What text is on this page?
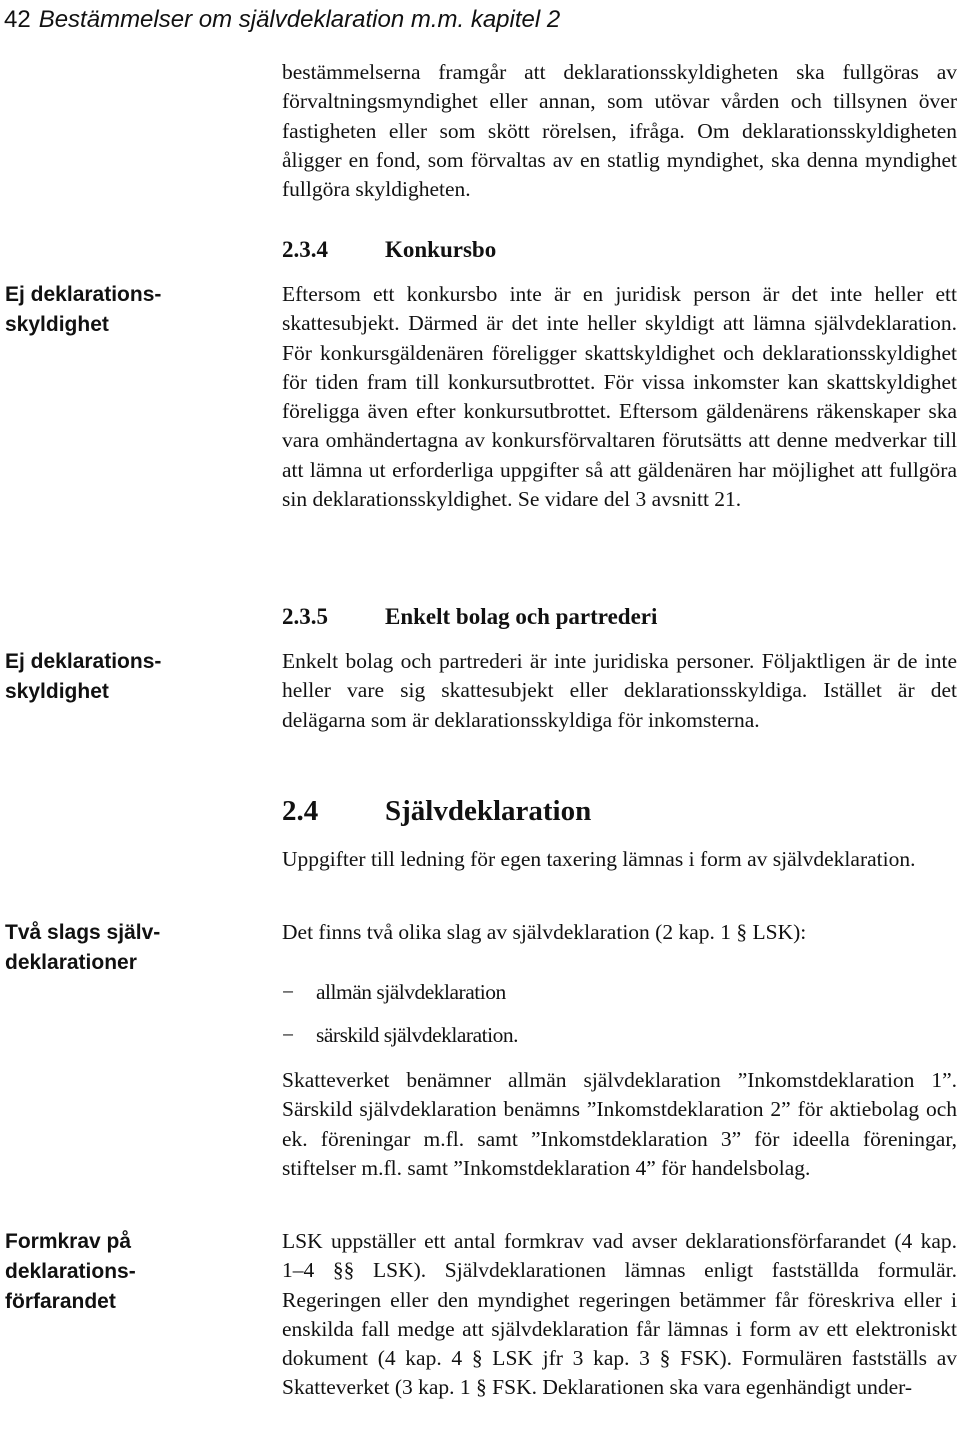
42 Bestämmelser om självdeklaration m.m. kapitel 2
Ej deklarations-
skyldighet
Ej deklarations-
skyldighet
Två slags själv-
deklarationer
Formkrav på
deklarations-
förfarandet

bestämmelserna framgår att deklarationsskyldigheten ska fullgöras av förvaltningsmyndighet eller annan, som utövar vården och tillsynen över fastigheten eller som skött rörelsen, ifråga. Om deklarationsskyldigheten åligger en fond, som förvaltas av en statlig myndighet, ska denna myndighet fullgöra skyldigheten.

2.3.4 Konkursbo

Eftersom ett konkursbo inte är en juridisk person är det inte heller ett skattesubjekt. Därmed är det inte heller skyldigt att lämna självdeklaration. För konkursgäldenären föreligger skattskyldighet och deklarationsskyldighet för tiden fram till konkursutbrottet. För vissa inkomster kan skattskyldighet föreligga även efter konkursutbrottet. Eftersom gäldenärens räkenskaper ska vara omhändertagna av konkursförvaltaren förutsätts att denne medverkar till att lämna ut erforderliga uppgifter så att gäldenären har möjlighet att fullgöra sin deklarationsskyldighet. Se vidare del 3 avsnitt 21.

2.3.5 Enkelt bolag och partrederi

Enkelt bolag och partrederi är inte juridiska personer. Följaktligen är de inte heller vare sig skattesubjekt eller deklarationsskyldiga. Istället är det delägarna som är deklarationsskyldiga för inkomsterna.

2.4 Självdeklaration

Uppgifter till ledning för egen taxering lämnas i form av självdeklaration.

Det finns två olika slag av självdeklaration (2 kap. 1 § LSK):

− allmän självdeklaration
− särskild självdeklaration.

Skatteverket benämner allmän självdeklaration ”Inkomstdeklaration 1”. Särskild självdeklaration benämns ”Inkomstdeklaration 2” för aktiebolag och ek. föreningar m.fl. samt ”Inkomstdeklaration 3” för ideella föreningar, stiftelser m.fl. samt ”Inkomstdeklaration 4” för handelsbolag.

LSK uppställer ett antal formkrav vad avser deklarationsförfarandet (4 kap. 1–4 §§ LSK). Självdeklarationen lämnas enligt fastställda formulär. Regeringen eller den myndighet regeringen betämmer får föreskriva eller i enskilda fall medge att självdeklaration får lämnas i form av ett elektroniskt dokument (4 kap. 4 § LSK jfr 3 kap. 3 § FSK). Formulären fastställs av Skatteverket (3 kap. 1 § FSK. Deklarationen ska vara egenhändigt under-
